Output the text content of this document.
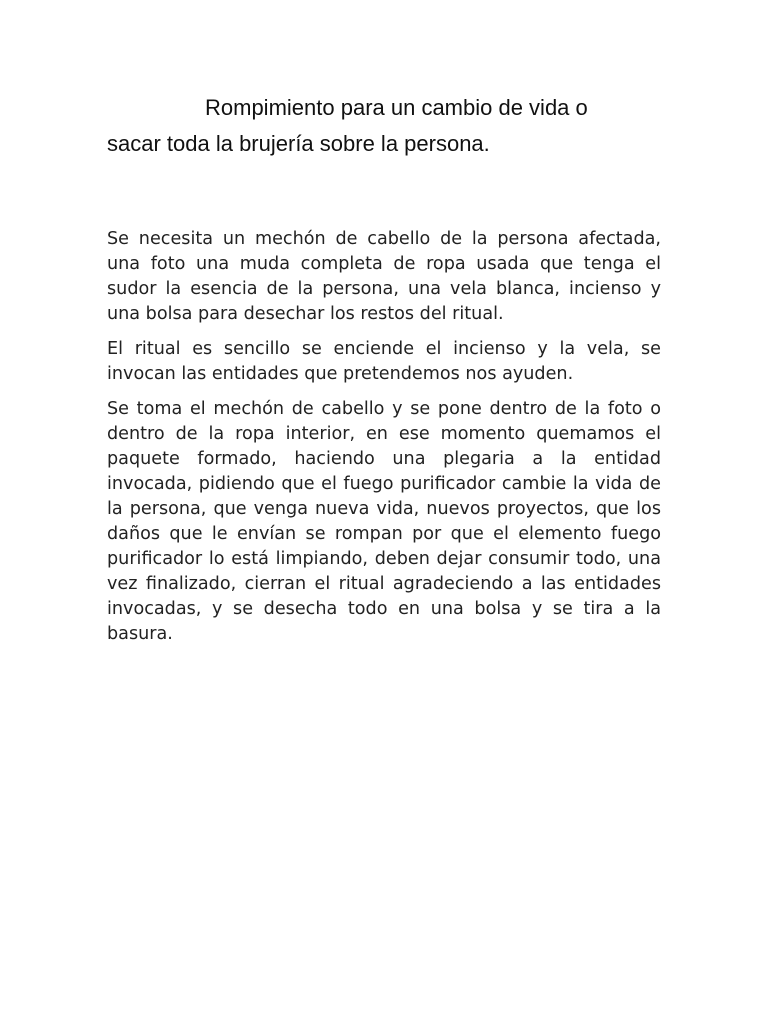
Rompimiento para un cambio de vida o
sacar toda la brujería sobre la persona.

Se necesita un mechón de cabello de la persona afectada, una foto una muda completa de ropa usada que tenga el sudor la esencia de la persona, una vela blanca, incienso y una bolsa para desechar los restos del ritual.

El ritual es sencillo se enciende el incienso y la vela, se invocan las entidades que pretendemos nos ayuden.

Se toma el mechón de cabello y se pone dentro de la foto o dentro de la ropa interior, en ese momento quemamos el paquete formado, haciendo una plegaria a la entidad invocada, pidiendo que el fuego purificador cambie la vida de la persona, que venga nueva vida, nuevos proyectos, que los daños que le envían se rompan por que el elemento fuego purificador lo está limpiando, deben dejar consumir todo, una vez finalizado, cierran el ritual agradeciendo a las entidades invocadas, y se desecha todo en una bolsa y se tira a la basura.
